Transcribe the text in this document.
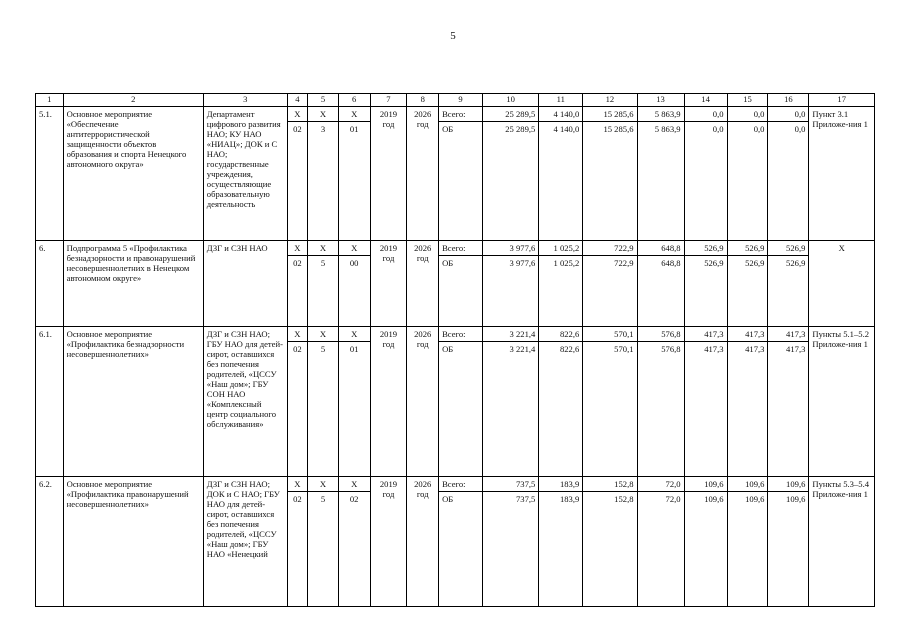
5
1	2	3	4	5	6	7	8	9	10	11	12	13	14	15	16	17
5.1.	Основное мероприятие «Обеспечение антитеррористической защищенности объектов образования и спорта Ненецкого автономного округа»	Департамент цифрового развития НАО; КУ НАО «НИАЦ»; ДОК и С НАО; государственные учреждения, осуществляющие образовательную деятельность	X	X	X	2019 год	2026 год	Всего:	25 289,5	4 140,0	15 285,6	5 863,9	0,0	0,0	0,0	Пункт 3.1 Приложе-ния 1
			02	3	01			ОБ	25 289,5	4 140,0	15 285,6	5 863,9	0,0	0,0	0,0	
6.	Подпрограмма 5 «Профилактика безнадзорности и правонарушений несовершеннолетних в Ненецком автономном округе»	ДЗГ и СЗН НАО	X	X	X	2019 год	2026 год	Всего:	3 977,6	1 025,2	722,9	648,8	526,9	526,9	526,9	X
			02	5	00			ОБ	3 977,6	1 025,2	722,9	648,8	526,9	526,9	526,9	
6.1.	Основное мероприятие «Профилактика безнадзорности несовершеннолетних»	ДЗГ и СЗН НАО; ГБУ НАО для детей-сирот, оставшихся без попечения родителей, «ЦССУ «Наш дом»; ГБУ СОН НАО «Комплексный центр социального обслуживания»	X	X	X	2019 год	2026 год	Всего:	3 221,4	822,6	570,1	576,8	417,3	417,3	417,3	Пункты 5.1–5.2 Приложе-ния 1
			02	5	01			ОБ	3 221,4	822,6	570,1	576,8	417,3	417,3	417,3	
6.2.	Основное мероприятие «Профилактика правонарушений несовершеннолетних»	ДЗГ и СЗН НАО; ДОК и С НАО; ГБУ НАО для детей-сирот, оставшихся без попечения родителей, «ЦССУ «Наш дом»; ГБУ НАО «Ненецкий	X	X	X	2019 год	2026 год	Всего:	737,5	183,9	152,8	72,0	109,6	109,6	109,6	Пункты 5.3–5.4 Приложе-ния 1
			02	5	02			ОБ	737,5	183,9	152,8	72,0	109,6	109,6	109,6	
